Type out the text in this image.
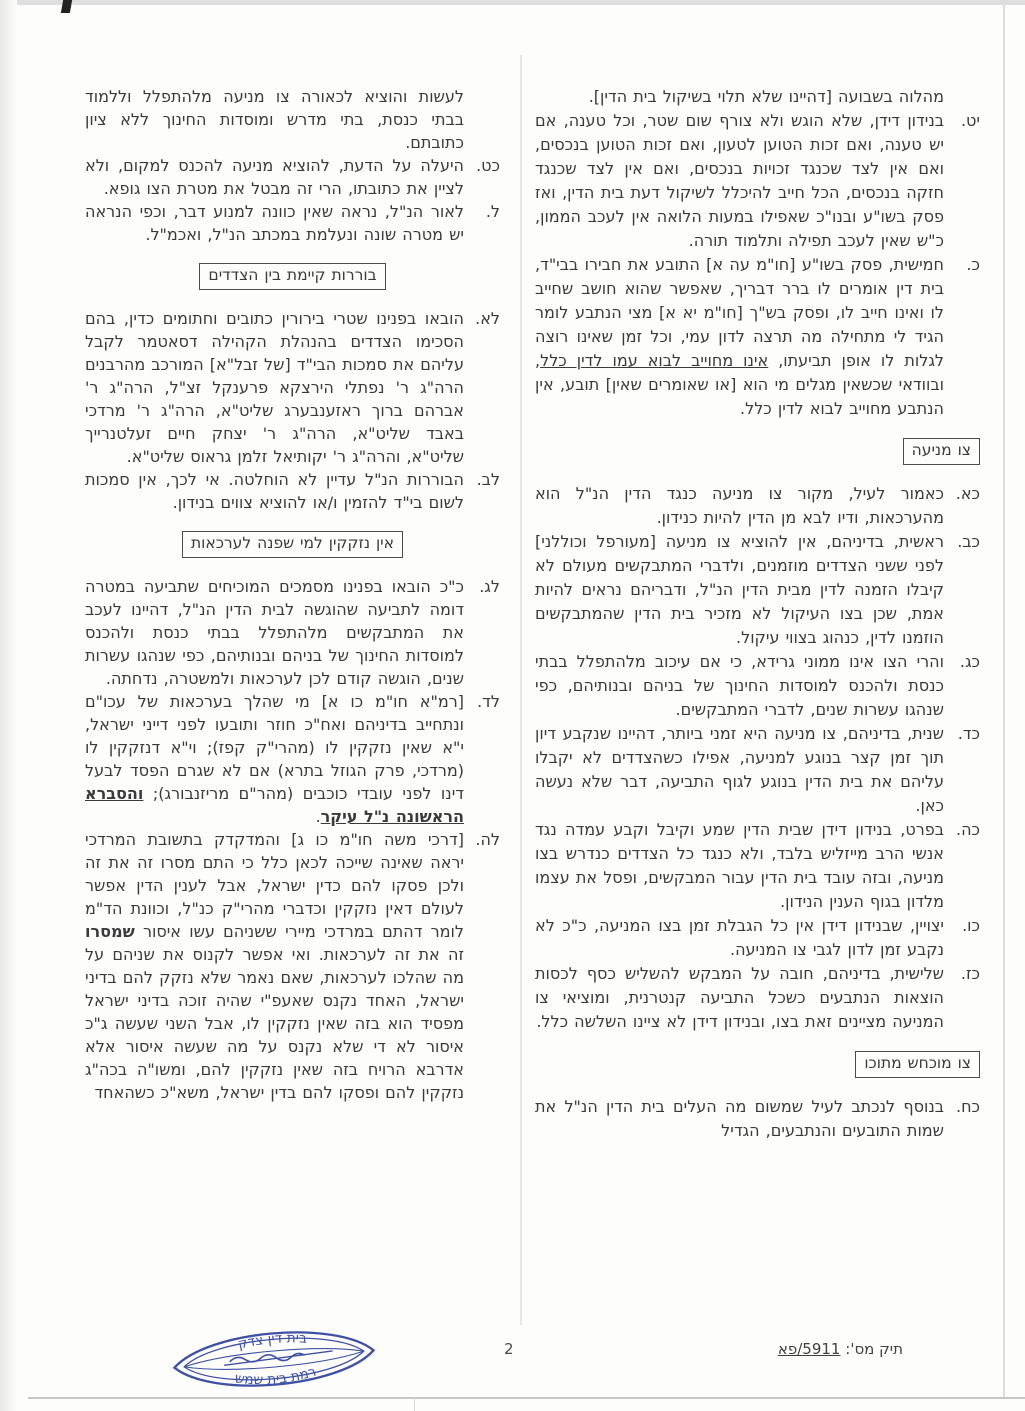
מהלוה בשבועה [דהיינו שלא תלוי בשיקול בית הדין].
יט.
בנידון דידן, שלא הוגש ולא צורף שום שטר, וכל טענה, אם יש טענה, ואם זכות הטוען לטעון, ואם זכות הטוען בנכסים, ואם אין לצד שכנגד זכויות בנכסים, ואם אין לצד שכנגד חזקה בנכסים, הכל חייב להיכלל לשיקול דעת בית הדין, ואז פסק בשו"ע ובנו"כ שאפילו במעות הלואה אין לעכב הממון, כ"ש שאין לעכב תפילה ותלמוד תורה.
כ.
חמישית, פסק בשו"ע [חו"מ עה א] התובע את חבירו בבי"ד, בית דין אומרים לו ברר דבריך, שאפשר שהוא חושב שחייב לו ואינו חייב לו, ופסק בש"ך [חו"מ יא א] מצי הנתבע לומר הגיד לי מתחילה מה תרצה לדון עמי, וכל זמן שאינו רוצה לגלות לו אופן תביעתו, אינו מחוייב לבוא עמו לדין כלל, ובוודאי שכשאין מגלים מי הוא [או שאומרים שאין] תובע, אין הנתבע מחוייב לבוא לדין כלל.
צו מניעה
כא.
כאמור לעיל, מקור צו מניעה כנגד הדין הנ"ל הוא מהערכאות, ודיו לבא מן הדין להיות כנידון.
כב.
ראשית, בדיניהם, אין להוציא צו מניעה [מעורפל וכוללני] לפני ששני הצדדים מוזמנים, ולדברי המתבקשים מעולם לא קיבלו הזמנה לדין מבית הדין הנ"ל, ודבריהם נראים להיות אמת, שכן בצו העיקול לא מזכיר בית הדין שהמתבקשים הוזמנו לדין, כנהוג בצווי עיקול.
כג.
והרי הצו אינו ממוני גרידא, כי אם עיכוב מלהתפלל בבתי כנסת ולהכנס למוסדות החינוך של בניהם ובנותיהם, כפי שנהגו עשרות שנים, לדברי המתבקשים.
כד.
שנית, בדיניהם, צו מניעה היא זמני ביותר, דהיינו שנקבע דיון תוך זמן קצר בנוגע למניעה, אפילו כשהצדדים לא יקבלו עליהם את בית הדין בנוגע לגוף התביעה, דבר שלא נעשה כאן.
כה.
בפרט, בנידון דידן שבית הדין שמע וקיבל וקבע עמדה נגד אנשי הרב מייזליש בלבד, ולא כנגד כל הצדדים כנדרש בצו מניעה, ובזה עובד בית הדין עבור המבקשים, ופסל את עצמו מלדון בגוף הענין הנידון.
כו.
יצויין, שבנידון דידן אין כל הגבלת זמן בצו המניעה, כ"כ לא נקבע זמן לדון לגבי צו המניעה.
כז.
שלישית, בדיניהם, חובה על המבקש להשליש כסף לכסות הוצאות הנתבעים כשכל התביעה קנטרנית, ומוציאי צו המניעה מציינים זאת בצו, ובנידון דידן לא ציינו השלשה כלל.
צו מוכחש מתוכו
כח.
בנוסף לנכתב לעיל שמשום מה העלים בית הדין הנ"ל את שמות התובעים והנתבעים, הגדיל
לעשות והוציא לכאורה צו מניעה מלהתפלל וללמוד בבתי כנסת, בתי מדרש ומוסדות החינוך ללא ציון כתובתם.
כט.
היעלה על הדעת, להוציא מניעה להכנס למקום, ולא לציין את כתובתו, הרי זה מבטל את מטרת הצו גופא.
ל.
לאור הנ"ל, נראה שאין כוונה למנוע דבר, וכפי הנראה יש מטרה שונה ונעלמת במכתב הנ"ל, ואכמ"ל.
בוררות קיימת בין הצדדים
לא.
הובאו בפנינו שטרי בירורין כתובים וחתומים כדין, בהם הסכימו הצדדים בהנהלת הקהילה דסאטמר לקבל עליהם את סמכות הבי"ד [של זבל"א] המורכב מהרבנים הרה"ג ר' נפתלי הירצקא פרענקל זצ"ל, הרה"ג ר' אברהם ברוך ראזענבערג שליט"א, הרה"ג ר' מרדכי באבד שליט"א, הרה"ג ר' יצחק חיים זעלטנרייך שליט"א, והרה"ג ר' יקותיאל זלמן גראוס שליט"א.
לב.
הבוררות הנ"ל עדיין לא הוחלטה. אי לכך, אין סמכות לשום בי"ד להזמין ו/או להוציא צווים בנידון.
אין נזקקין למי שפנה לערכאות
לג.
כ"כ הובאו בפנינו מסמכים המוכיחים שתביעה במטרה דומה לתביעה שהוגשה לבית הדין הנ"ל, דהיינו לעכב את המתבקשים מלהתפלל בבתי כנסת ולהכנס למוסדות החינוך של בניהם ובנותיהם, כפי שנהגו עשרות שנים, הוגשה קודם לכן לערכאות ולמשטרה, נדחתה.
לד.
[רמ"א חו"מ כו א] מי שהלך בערכאות של עכו"ם ונתחייב בדיניהם ואח"כ חוזר ותובעו לפני דייני ישראל, י"א שאין נזקקין לו (מהרי"ק קפז); וי"א דנזקקין לו (מרדכי, פרק הגוזל בתרא) אם לא שגרם הפסד לבעל דינו לפני עובדי כוכבים (מהר"ם מריזנבורג); והסברא הראשונה נ"ל עיקר.
לה.
[דרכי משה חו"מ כו ג] והמדקדק בתשובת המרדכי יראה שאינה שייכה לכאן כלל כי התם מסרו זה את זה ולכן פסקו להם כדין ישראל, אבל לענין הדין אפשר לעולם דאין נזקקין וכדברי מהרי"ק כנ"ל, וכוונת הד"מ לומר דהתם במרדכי מיירי ששניהם עשו איסור שמסרו זה את זה לערכאות. ואי אפשר לקנוס את שניהם על מה שהלכו לערכאות, שאם נאמר שלא נזקק להם בדיני ישראל, האחד נקנס שאעפ"י שהיה זוכה בדיני ישראל מפסיד הוא בזה שאין נזקקין לו, אבל השני שעשה ג"כ איסור לא די שלא נקנס על מה שעשה איסור אלא אדרבא הרויח בזה שאין נזקקין להם, ומשו"ה בכה"ג נזקקין להם ופסקו להם בדין ישראל, משא"כ כשהאחד
בית דין צדק
רמת בית שמש
2	תיק מס': 5911/פא
